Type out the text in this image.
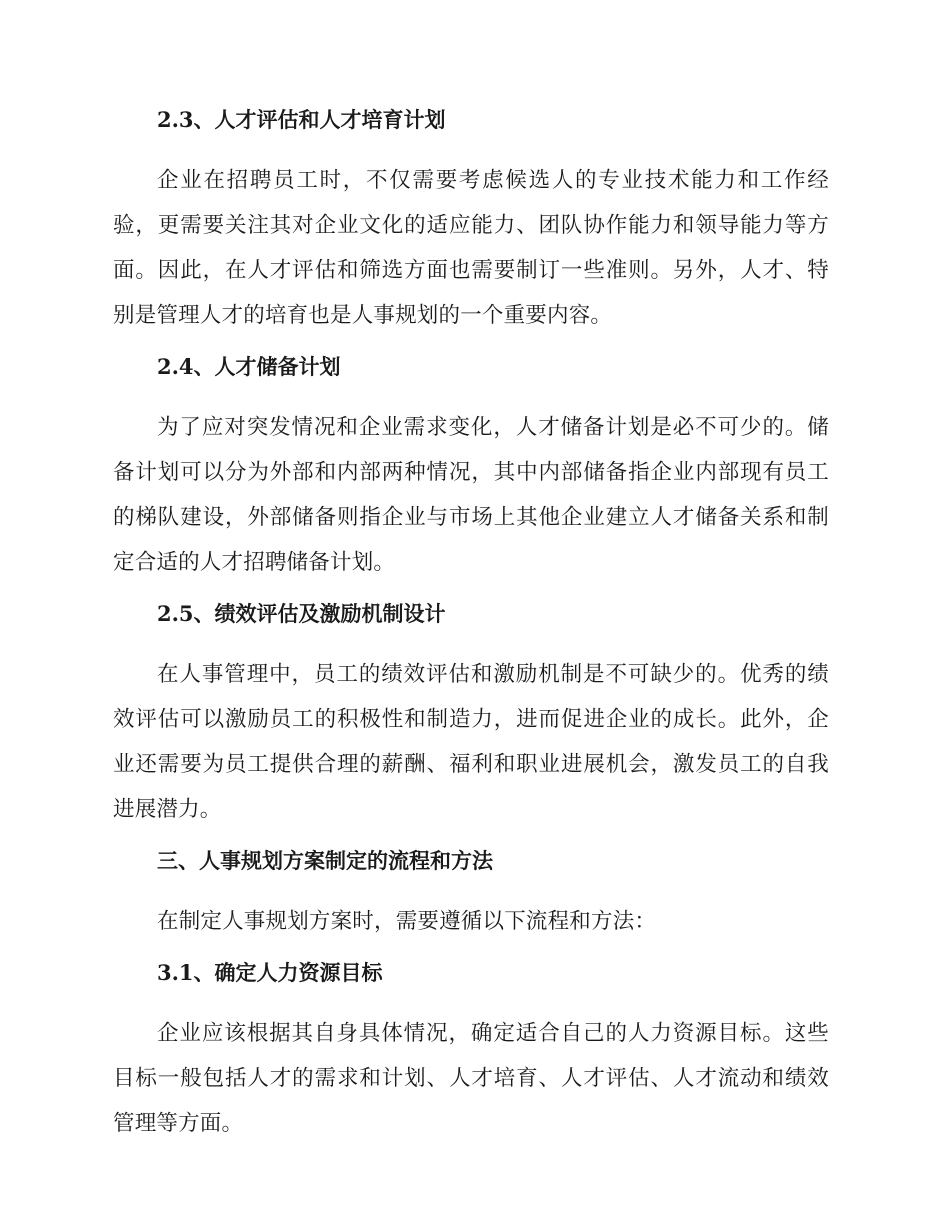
2.3、人才评估和人才培育计划

企业在招聘员工时，不仅需要考虑候选人的专业技术能力和工作经验，更需要关注其对企业文化的适应能力、团队协作能力和领导能力等方面。因此，在人才评估和筛选方面也需要制订一些准则。另外，人才、特别是管理人才的培育也是人事规划的一个重要内容。

2.4、人才储备计划

为了应对突发情况和企业需求变化，人才储备计划是必不可少的。储备计划可以分为外部和内部两种情况，其中内部储备指企业内部现有员工的梯队建设，外部储备则指企业与市场上其他企业建立人才储备关系和制定合适的人才招聘储备计划。

2.5、绩效评估及激励机制设计

在人事管理中，员工的绩效评估和激励机制是不可缺少的。优秀的绩效评估可以激励员工的积极性和制造力，进而促进企业的成长。此外，企业还需要为员工提供合理的薪酬、福利和职业进展机会，激发员工的自我进展潜力。

三、人事规划方案制定的流程和方法

在制定人事规划方案时，需要遵循以下流程和方法：

3.1、确定人力资源目标

企业应该根据其自身具体情况，确定适合自己的人力资源目标。这些目标一般包括人才的需求和计划、人才培育、人才评估、人才流动和绩效管理等方面。
